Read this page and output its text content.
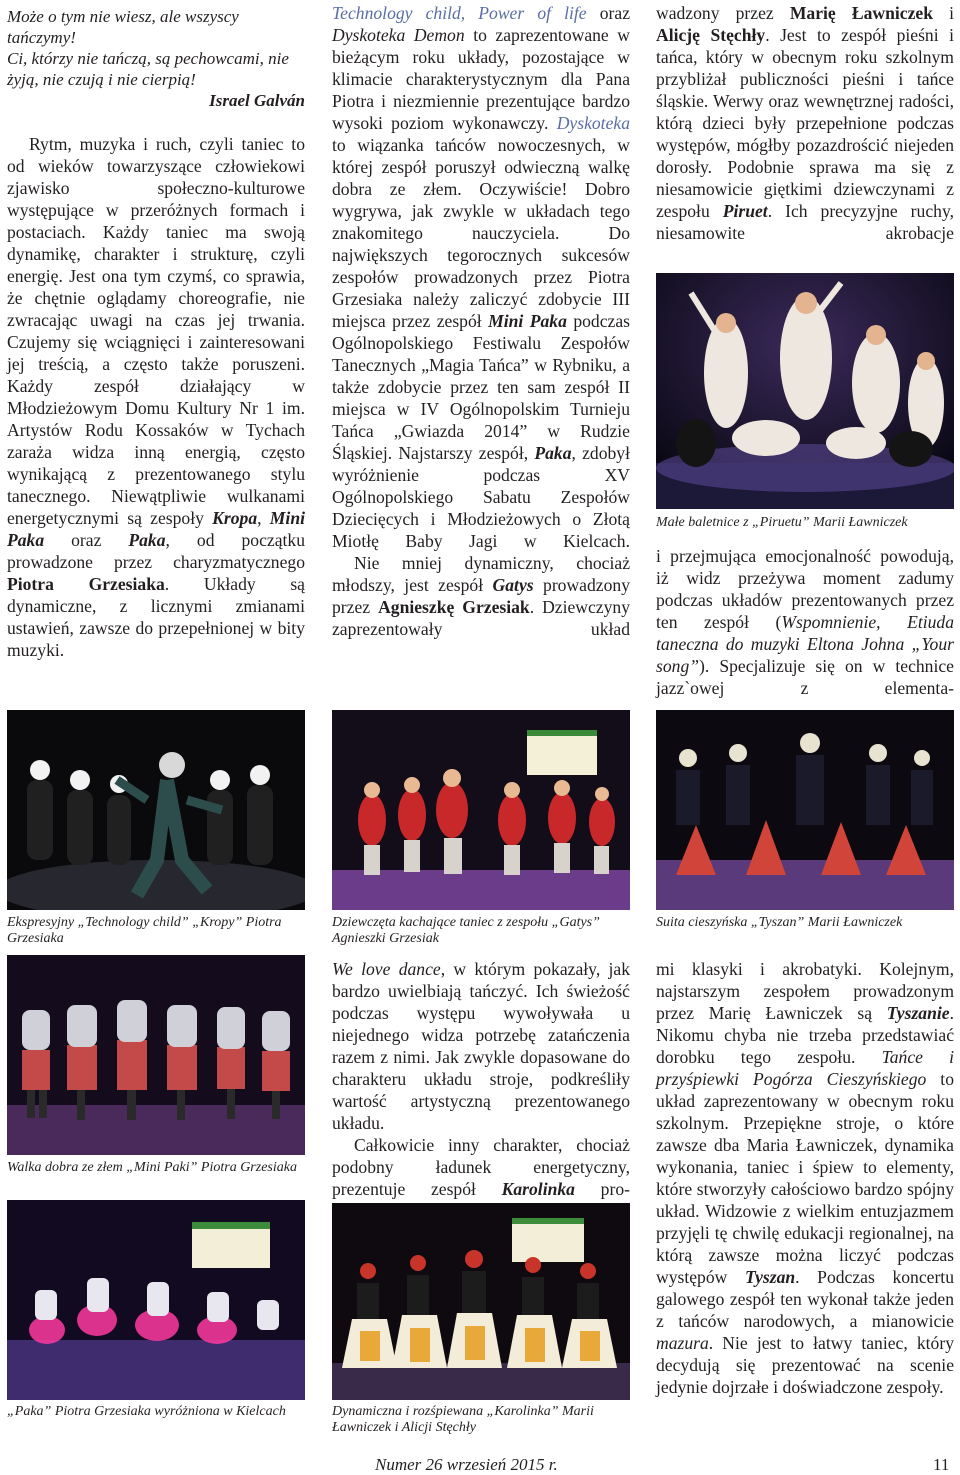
Może o tym nie wiesz, ale wszyscy tańczymy!
Ci, którzy nie tańczą, są pechowcami, nie żyją, nie czują i nie cierpią!
Israel Galván

Rytm, muzyka i ruch, czyli taniec to od wieków towarzyszące człowiekowi zjawisko społeczno-kulturowe występujące w przeróżnych formach i postaciach. Każdy taniec ma swoją dynamikę, charakter i strukturę, czyli energię. Jest ona tym czymś, co sprawia, że chętnie oglądamy choreografie, nie zwracając uwagi na czas jej trwania. Czujemy się wciągnięci i zainteresowani jej treścią, a często także poruszeni. Każdy zespół działający w Młodzieżowym Domu Kultury Nr 1 im. Artystów Rodu Kossaków w Tychach zaraża widza inną energią, często wynikającą z prezentowanego stylu tanecznego. Niewątpliwie wulkanami energetycznymi są zespoły Kropa, Mini Paka oraz Paka, od początku prowadzone przez charyzmatycznego Piotra Grzesiaka. Układy są dynamiczne, z licznymi zmianami ustawień, zawsze do przepełnionej w bity muzyki.

Technology child, Power of life oraz Dyskoteka Demon to zaprezentowane w bieżącym roku układy, pozostające w klimacie charakterystycznym dla Pana Piotra i niezmiennie prezentujące bardzo wysoki poziom wykonawczy. Dyskoteka to wiązanka tańców nowoczesnych, w której zespół poruszył odwieczną walkę dobra ze złem. Oczywiście! Dobro wygrywa, jak zwykle w układach tego znakomitego nauczyciela. Do największych tegorocznych sukcesów zespołów prowadzonych przez Piotra Grzesiaka należy zaliczyć zdobycie III miejsca przez zespół Mini Paka podczas Ogólnopolskiego Festiwalu Zespołów Tanecznych „Magia Tańca” w Rybniku, a także zdobycie przez ten sam zespół II miejsca w IV Ogólnopolskim Turnieju Tańca „Gwiazda 2014” w Rudzie Śląskiej. Najstarszy zespół, Paka, zdobył wyróżnienie podczas XV Ogólnopolskiego Sabatu Zespołów Dziecięcych i Młodzieżowych o Złotą Miotłę Baby Jagi w Kielcach.

Nie mniej dynamiczny, chociaż młodszy, jest zespół Gatys prowadzony przez Agnieszkę Grzesiak. Dziewczyny zaprezentowały układ

wadzony przez Marię Ławniczek i Alicję Stęchły. Jest to zespół pieśni i tańca, który w obecnym roku szkolnym przybliżał publiczności pieśni i tańce śląskie. Werwy oraz wewnętrznej radości, którą dzieci były przepełnione podczas występów, mógłby pozazdrościć niejeden dorosły. Podobnie sprawa ma się z niesamowicie giętkimi dziewczynami z zespołu Piruet. Ich precyzyjne ruchy, niesamowite akrobacje

Małe baletnice z „Piruetu” Marii Ławniczek

i przejmująca emocjonalność powodują, iż widz przeżywa moment zadumy podczas układów prezentowanych przez ten zespół (Wspomnienie, Etiuda taneczna do muzyki Eltona Johna „Your song”). Specjalizuje się on w technice jazz`owej z elementa-

Ekspresyjny „Technology child” „Kropy” Piotra Grzesiaka
Dziewczęta kachające taniec z zespołu „Gatys” Agnieszki Grzesiak
Suita cieszyńska „Tyszan” Marii Ławniczek
Walka dobra ze złem „Mini Paki” Piotra Grzesiaka
„Paka” Piotra Grzesiaka wyróżniona w Kielcach

We love dance, w którym pokazały, jak bardzo uwielbiają tańczyć. Ich świeżość podczas występu wywoływała u niejednego widza potrzebę zatańczenia razem z nimi. Jak zwykle dopasowane do charakteru układu stroje, podkreśliły wartość artystyczną prezentowanego układu.

Całkowicie inny charakter, chociaż podobny ładunek energetyczny, prezentuje zespół Karolinka pro-

Dynamiczna i rozśpiewana „Karolinka” Marii Ławniczek i Alicji Stęchły

mi klasyki i akrobatyki. Kolejnym, najstarszym zespołem prowadzonym przez Marię Ławniczek są Tyszanie. Nikomu chyba nie trzeba przedstawiać dorobku tego zespołu. Tańce i przyśpiewki Pogórza Cieszyńskiego to układ zaprezentowany w obecnym roku szkolnym. Przepiękne stroje, o które zawsze dba Maria Ławniczek, dynamika wykonania, taniec i śpiew to elementy, które stworzyły całościowo bardzo spójny układ. Widzowie z wielkim entuzjazmem przyjęli tę chwilę edukacji regionalnej, na którą zawsze można liczyć podczas występów Tyszan. Podczas koncertu galowego zespół ten wykonał także jeden z tańców narodowych, a mianowicie mazura. Nie jest to łatwy taniec, który decydują się prezentować na scenie jedynie dojrzałe i doświadczone zespoły.

Numer 26 wrzesień 2015 r.	11
